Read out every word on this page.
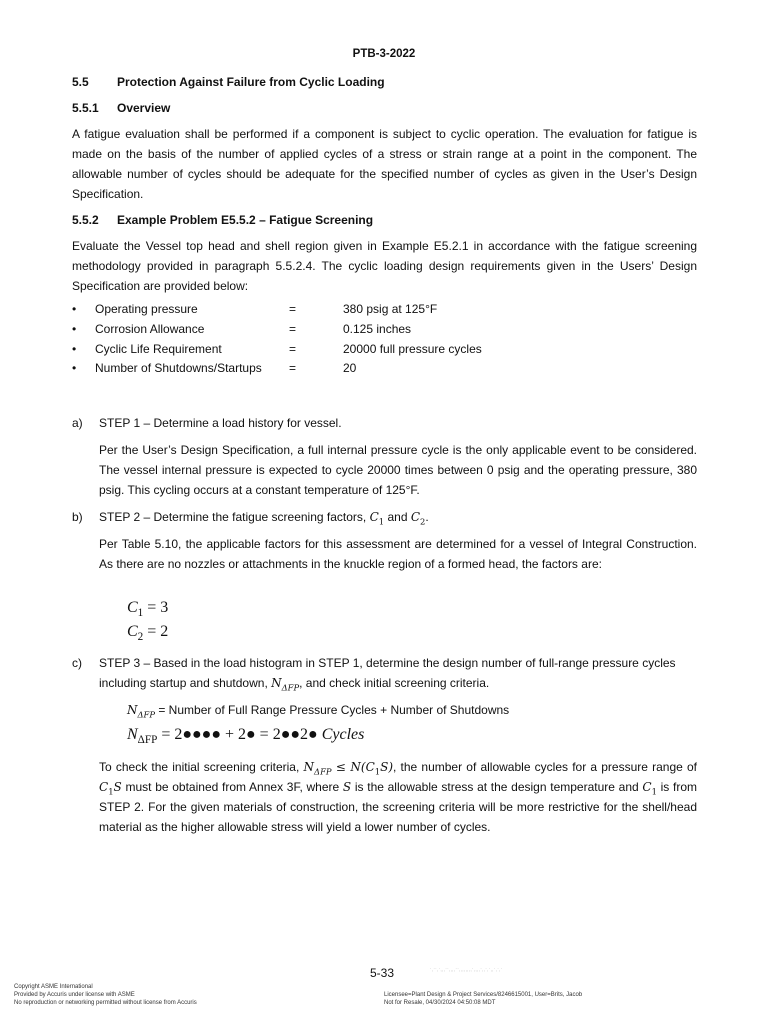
PTB-3-2022
5.5 Protection Against Failure from Cyclic Loading
5.5.1 Overview
A fatigue evaluation shall be performed if a component is subject to cyclic operation. The evaluation for fatigue is made on the basis of the number of applied cycles of a stress or strain range at a point in the component. The allowable number of cycles should be adequate for the specified number of cycles as given in the User’s Design Specification.
5.5.2 Example Problem E5.5.2 – Fatigue Screening
Evaluate the Vessel top head and shell region given in Example E5.2.1 in accordance with the fatigue screening methodology provided in paragraph 5.5.2.4. The cyclic loading design requirements given in the Users’ Design Specification are provided below:
• Operating pressure	=	380 psig at 125°F
• Corrosion Allowance	=	0.125 inches
• Cyclic Life Requirement	=	20000 full pressure cycles
• Number of Shutdowns/Startups =	20
a) STEP 1 – Determine a load history for vessel.
Per the User’s Design Specification, a full internal pressure cycle is the only applicable event to be considered. The vessel internal pressure is expected to cycle 20000 times between 0 psig and the operating pressure, 380 psig. This cycling occurs at a constant temperature of 125°F.
b) STEP 2 – Determine the fatigue screening factors, $C_1$ and $C_2$.
Per Table 5.10, the applicable factors for this assessment are determined for a vessel of Integral Construction. As there are no nozzles or attachments in the knuckle region of a formed head, the factors are:
$C_1 = 3$
$C_2 = 2$
c) STEP 3 – Based in the load histogram in STEP 1, determine the design number of full-range pressure cycles
including startup and shutdown, $N_{\Delta FP}$, and check initial screening criteria.
$N_{\Delta FP}$ = Number of Full Range Pressure Cycles + Number of Shutdowns
$N_{\Delta FP}$ = 2●●●● + 2● = 2●●2● Cycles
To check the initial screening criteria, $N_{\Delta FP} \le N(C_1S)$, the number of allowable cycles for a pressure range of $C_1S$ must be obtained from Annex 3F, where S is the allowable stress at the design temperature and $C_1$ is from STEP 2. For the given materials of construction, the screening criteria will be more restrictive for the shell/head material as the higher allowable stress will yield a lower number of cycles.
5-33	`,``,`,,,``,,,,``,,,,,,,,`,,,,`,,`,`,,`,`,`
Copyright ASME International
Provided by Accuris under license with ASME
No reproduction or networking permitted without license from Accuris
Licensee=Plant Design & Project Services/8246615001, User=Brits, Jacob
Not for Resale, 04/30/2024 04:50:08 MDT
